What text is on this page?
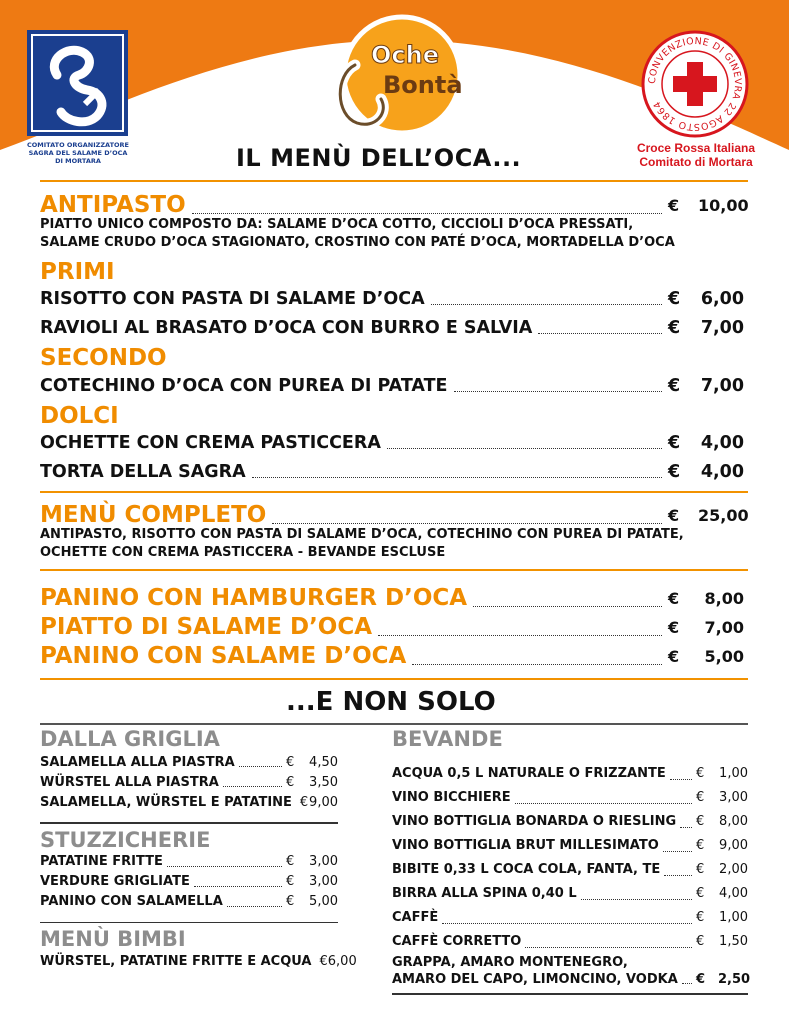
COMITATO ORGANIZZATORE
SAGRA DEL SALAME D’OCA
DI MORTARA
Oche
Bontà	CONVENZIONE DI GINEVRA 22 AGOSTO 1864
Croce Rossa Italiana
Comitato di Mortara
IL MENÙ DELL’OCA...
ANTIPASTO	€	10,00
PIATTO UNICO COMPOSTO DA: SALAME D’OCA COTTO, CICCIOLI D’OCA PRESSATI,
SALAME CRUDO D’OCA STAGIONATO, CROSTINO CON PATÉ D’OCA, MORTADELLA D’OCA
PRIMI
RISOTTO CON PASTA DI SALAME D’OCA	€	6,00
RAVIOLI AL BRASATO D’OCA CON BURRO E SALVIA	€	7,00
SECONDO
COTECHINO D’OCA CON PUREA DI PATATE	€	7,00
DOLCI
OCHETTE CON CREMA PASTICCERA	€	4,00
TORTA DELLA SAGRA	€	4,00
MENÙ COMPLETO	€	25,00
ANTIPASTO, RISOTTO CON PASTA DI SALAME D’OCA, COTECHINO CON PUREA DI PATATE,
OCHETTE CON CREMA PASTICCERA - BEVANDE ESCLUSE
PANINO CON HAMBURGER D’OCA	€	8,00
PIATTO DI SALAME D’OCA	€	7,00
PANINO CON SALAME D’OCA	€	5,00
...E NON SOLO
DALLA GRIGLIA
SALAMELLA ALLA PIASTRA	€	4,50
WÜRSTEL ALLA PIASTRA	€	3,50
SALAMELLA, WÜRSTEL E PATATINE € 9,00
STUZZICHERIE
PATATINE FRITTE	€	3,00
VERDURE GRIGLIATE	€	3,00
PANINO CON SALAMELLA	€	5,00
MENÙ BIMBI
WÜRSTEL, PATATINE FRITTE E ACQUA € 6,00
BEVANDE
ACQUA 0,5 L NATURALE O FRIZZANTE €	1,00
VINO BICCHIERE	€	3,00
VINO BOTTIGLIA BONARDA O RIESLING €	8,00
VINO BOTTIGLIA BRUT MILLESIMATO	€	9,00
BIBITE 0,33 L COCA COLA, FANTA, TE	€	2,00
BIRRA ALLA SPINA 0,40 L	€	4,00
CAFFÈ	€	1,00
CAFFÈ CORRETTO	€	1,50
GRAPPA, AMARO MONTENEGRO,
AMARO DEL CAPO, LIMONCINO, VODKA € 2,50
